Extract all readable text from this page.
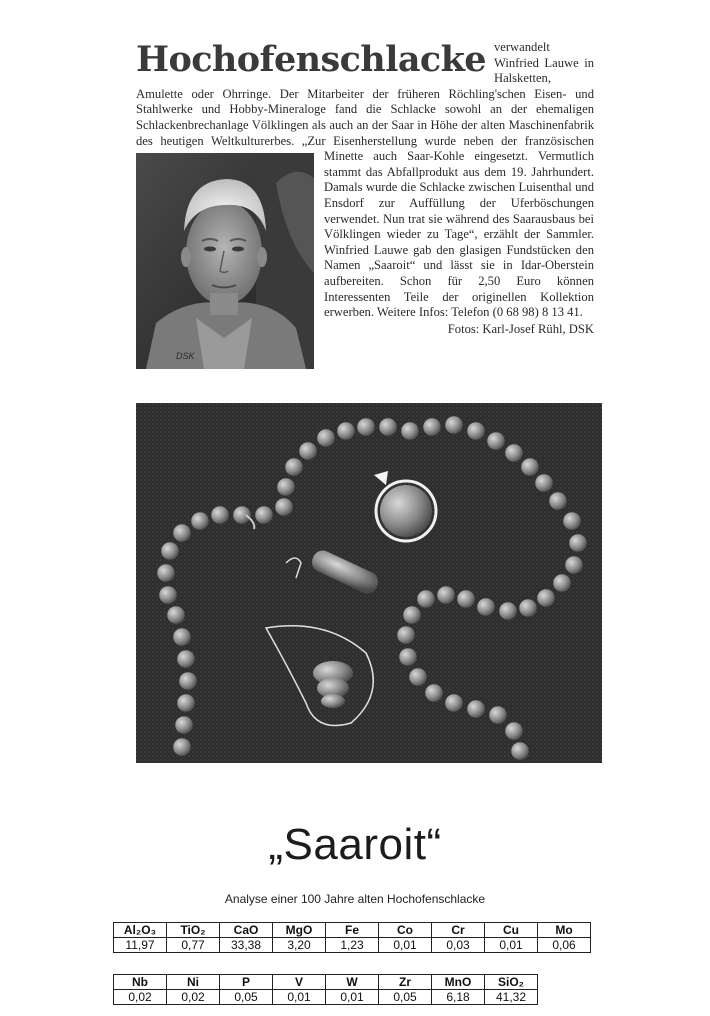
Hochofenschlacke verwandelt Winfried Lauwe in Halsketten, Amulette oder Ohrringe. Der Mitarbeiter der früheren Röchling'schen Eisen- und Stahlwerke und Hobby-Mineraloge fand die Schlacke sowohl an der ehemaligen Schlackenbrechanlage Völklingen als auch an der Saar in Höhe der alten Maschinenfabrik des heutigen Weltkulturerbes. „Zur Eisenherstellung wurde neben der französischen Minette auch Saar-Kohle eingesetzt.
DSK
Vermutlich stammt das Abfallprodukt aus dem 19. Jahrhundert. Damals wurde die Schlacke zwischen Luisenthal und Ensdorf zur Auffüllung der Uferböschungen verwendet. Nun trat sie während des Saarausbaus bei Völklingen wieder zu Tage“, erzählt der Sammler. Winfried Lauwe gab den glasigen Fundstücken den Namen „Saaroit“ und lässt sie in Idar-Oberstein aufbereiten. Schon für 2,50 Euro können Interessenten Teile der originellen Kollektion erwerben. Weitere Infos: Telefon (0 68 98) 8 13 41.
Fotos: Karl-Josef Rühl, DSK
„Saaroit“
Analyse einer 100 Jahre alten Hochofenschlacke
Al₂O₃	TiO₂	CaO	MgO	Fe	Co	Cr	Cu	Mo
11,97	0,77	33,38	3,20	1,23	0,01	0,03	0,01	0,06
Nb	Ni	P	V	W	Zr	MnO	SiO₂
0,02	0,02	0,05	0,01	0,01	0,05	6,18	41,32
